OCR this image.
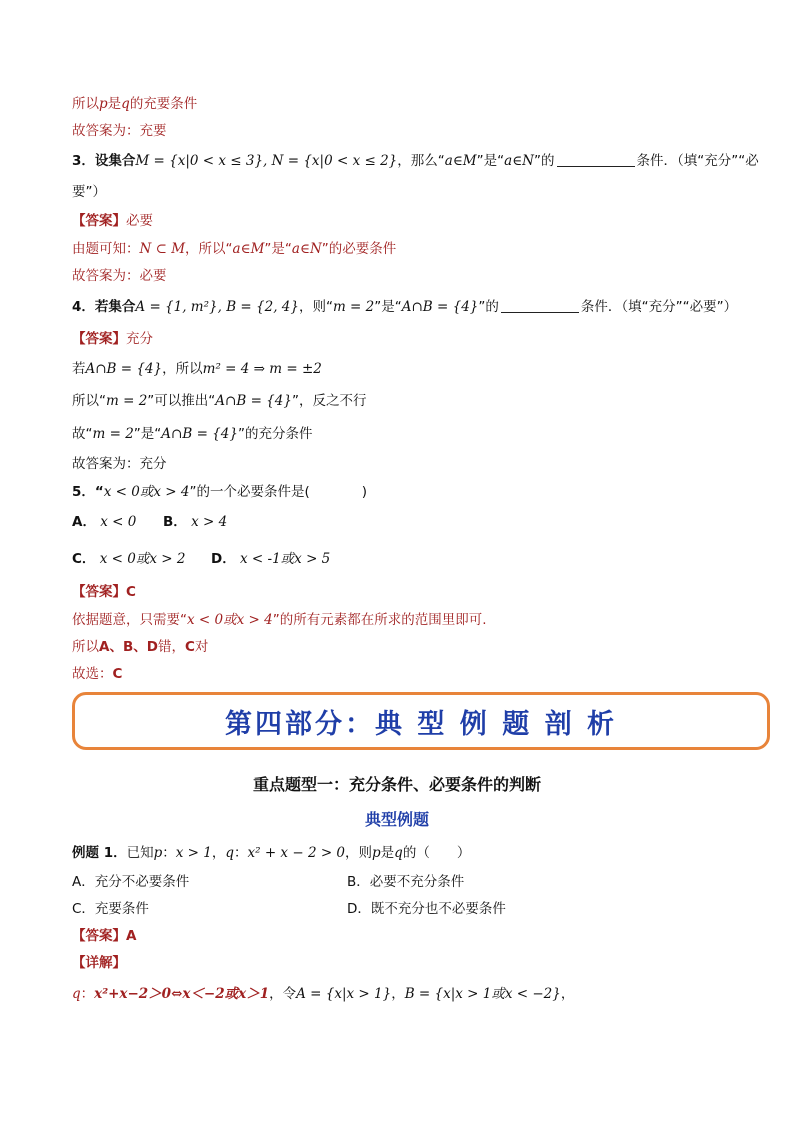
所以p是q的充要条件
故答案为：充要
3．设集合M = {x|0 < x ≤ 3}, N = {x|0 < x ≤ 2}，那么“a∈M”是“a∈N”的	条件．（填“充分”“必
要”）
【答案】必要
由题可知：N ⊂ M，所以“a∈M”是“a∈N”的必要条件
故答案为：必要
4．若集合A = {1, m²}, B = {2, 4}，则“m = 2”是“A∩B = {4}”的	条件．（填“充分”“必要”）
【答案】充分
若A∩B = {4}，所以m² = 4 ⇒ m = ±2
所以“m = 2”可以推出“A∩B = {4}”，反之不行
故“m = 2”是“A∩B = {4}”的充分条件
故答案为：充分
5．“x < 0或x > 4”的一个必要条件是(	)
A． x < 0 B． x > 4
C． x < 0或x > 2 D． x < -1或x > 5
【答案】C
依据题意，只需要“x < 0或x > 4”的所有元素都在所求的范围里即可.
所以A、B、D错，C对
故选：C
第四部分：典 型 例 题 剖 析
重点题型一：充分条件、必要条件的判断
典型例题
例题 1．已知p：x > 1，q：x² + x − 2 > 0，则p是q的（　　）
A．充分不必要条件	B．必要不充分条件
C．充要条件	D．既不充分也不必要条件
【答案】A
【详解】
q：x²+x−2＞0⇔x＜−2或x＞1，令A = {x|x > 1}，B = {x|x > 1或x < −2}，
